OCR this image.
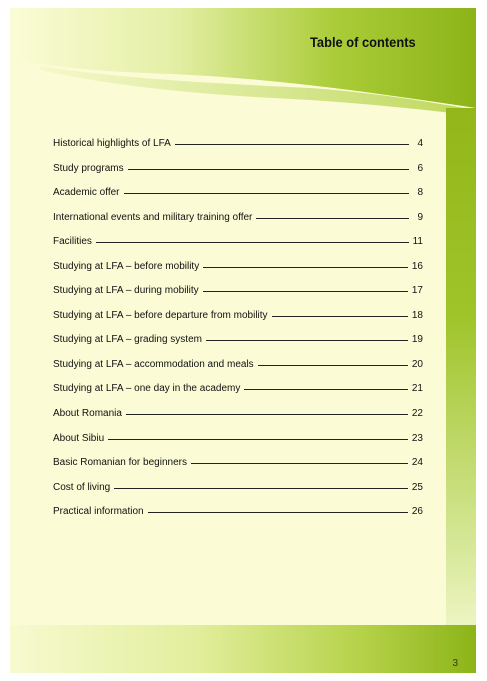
Table of contents
Historical highlights of LFA	4
Study programs	6
Academic offer	8
International events and military training offer	9
Facilities	11
Studying at LFA – before mobility	16
Studying at LFA – during mobility	17
Studying at LFA – before departure from mobility	18
Studying at LFA – grading system	19
Studying at LFA – accommodation and meals	20
Studying at LFA – one day in the academy	21
About Romania	22
About Sibiu	23
Basic Romanian for beginners	24
Cost of living	25
Practical information	26
3
